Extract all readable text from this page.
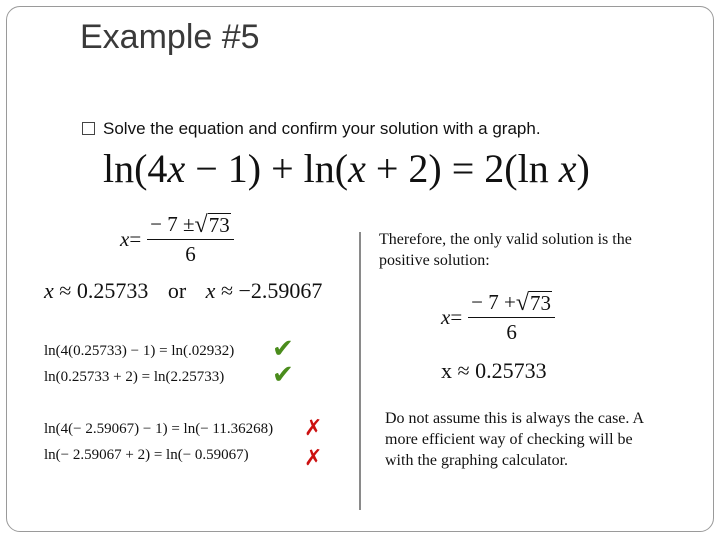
Example #5
Solve the equation and confirm your solution with a graph.
ln(4x − 1) + ln(x + 2) = 2(ln x)
$x= \frac{- 7 \pm √ 73}{6}$
x ≈ 0.25733 or x ≈ −2.59067
ln(4(0.25733) − 1) = ln(.02932) ✔
ln(0.25733 + 2) = ln(2.25733) ✔
ln(4(− 2.59067) − 1) = ln(− 11.36268) ✗
ln(− 2.59067 + 2) = ln(− 0.59067)	✗
Therefore, the only valid solution is the positive solution:
$x= \frac{- 7 + √ 73}{6}$
x ≈ 0.25733
Do not assume this is always the case. A more efficient way of checking will be with the graphing calculator.
